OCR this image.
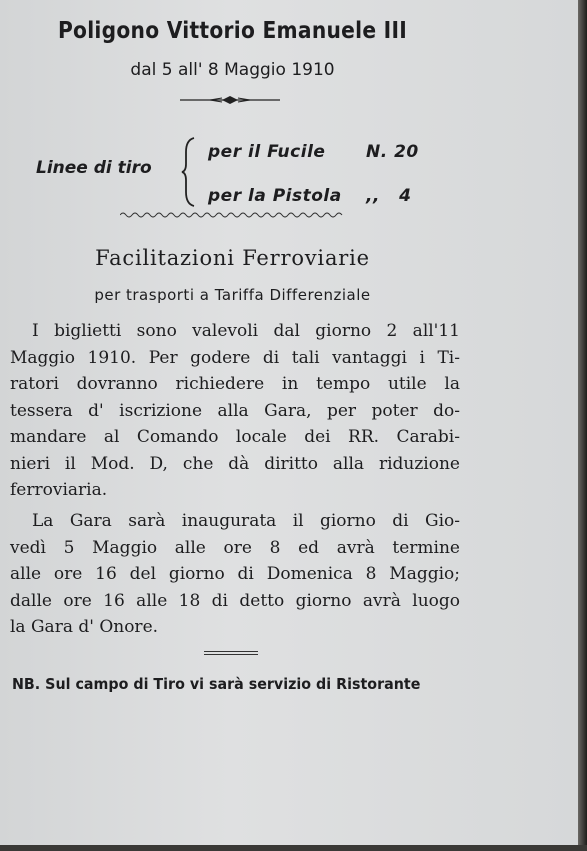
Poligono Vittorio Emanuele III
dal 5 all' 8 Maggio 1910
Linee di tiro
per il Fucile N. 20
per la Pistola ,,   4
Facilitazioni Ferroviarie
per trasporti a Tariffa Differenziale
I biglietti sono valevoli dal giorno 2 all'11
Maggio 1910. Per godere di tali vantaggi i Ti-
ratori dovranno richiedere in tempo utile la
tessera d' iscrizione alla Gara, per poter do-
mandare al Comando locale dei RR. Carabi-
nieri il Mod. D, che dà diritto alla riduzione
ferroviaria.
La Gara sarà inaugurata il giorno di Gio-
vedì 5 Maggio alle ore 8 ed avrà termine
alle ore 16 del giorno di Domenica 8 Maggio;
dalle ore 16 alle 18 di detto giorno avrà luogo
la Gara d' Onore.
NB. Sul campo di Tiro vi sarà servizio di Ristorante
